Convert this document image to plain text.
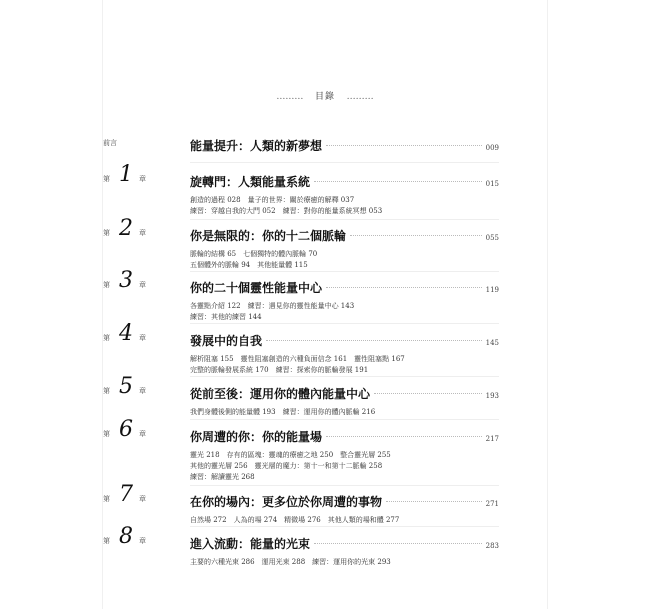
……… 目錄 ………
前言	能量提升：人類的新夢想	009
第 1 章	旋轉門：人類能量系統	015
創造的過程 028　量子的世界：關於療癒的解釋 037
練習：穿越自我的大門 052　練習：對你的能量系統冥想 053
第 2 章	你是無限的：你的十二個脈輪	055
脈輪的結構 65　七個獨特的體內脈輪 70
五個體外的脈輪 94　其他能量體 115
第 3 章	你的二十個靈性能量中心	119
各靈點介紹 122　練習：遇見你的靈性能量中心 143
練習：其他的練習 144
第 4 章	發展中的自我	145
解析阻塞 155　靈性阻塞創造的六種負面信念 161　靈性阻塞點 167
完整的脈輪發展系統 170　練習：探索你的脈輪發展 191
第 5 章	從前至後：運用你的體內能量中心	193
我們身體後側的能量體 193　練習：運用你的體內脈輪 216
第 6 章	你周遭的你：你的能量場	217
靈光 218　存有的區塊：靈魂的療癒之地 250　整合靈光層 255
其他的靈光層 256　靈光層的魔力：第十一和第十二脈輪 258
練習：解讀靈光 268
第 7 章	在你的場內：更多位於你周遭的事物	271
自然場 272　人為的場 274　精微場 276　其他人類的場和體 277
第 8 章	進入流動：能量的光束	283
主要的六種光束 286　運用光束 288　練習：運用你的光束 293
